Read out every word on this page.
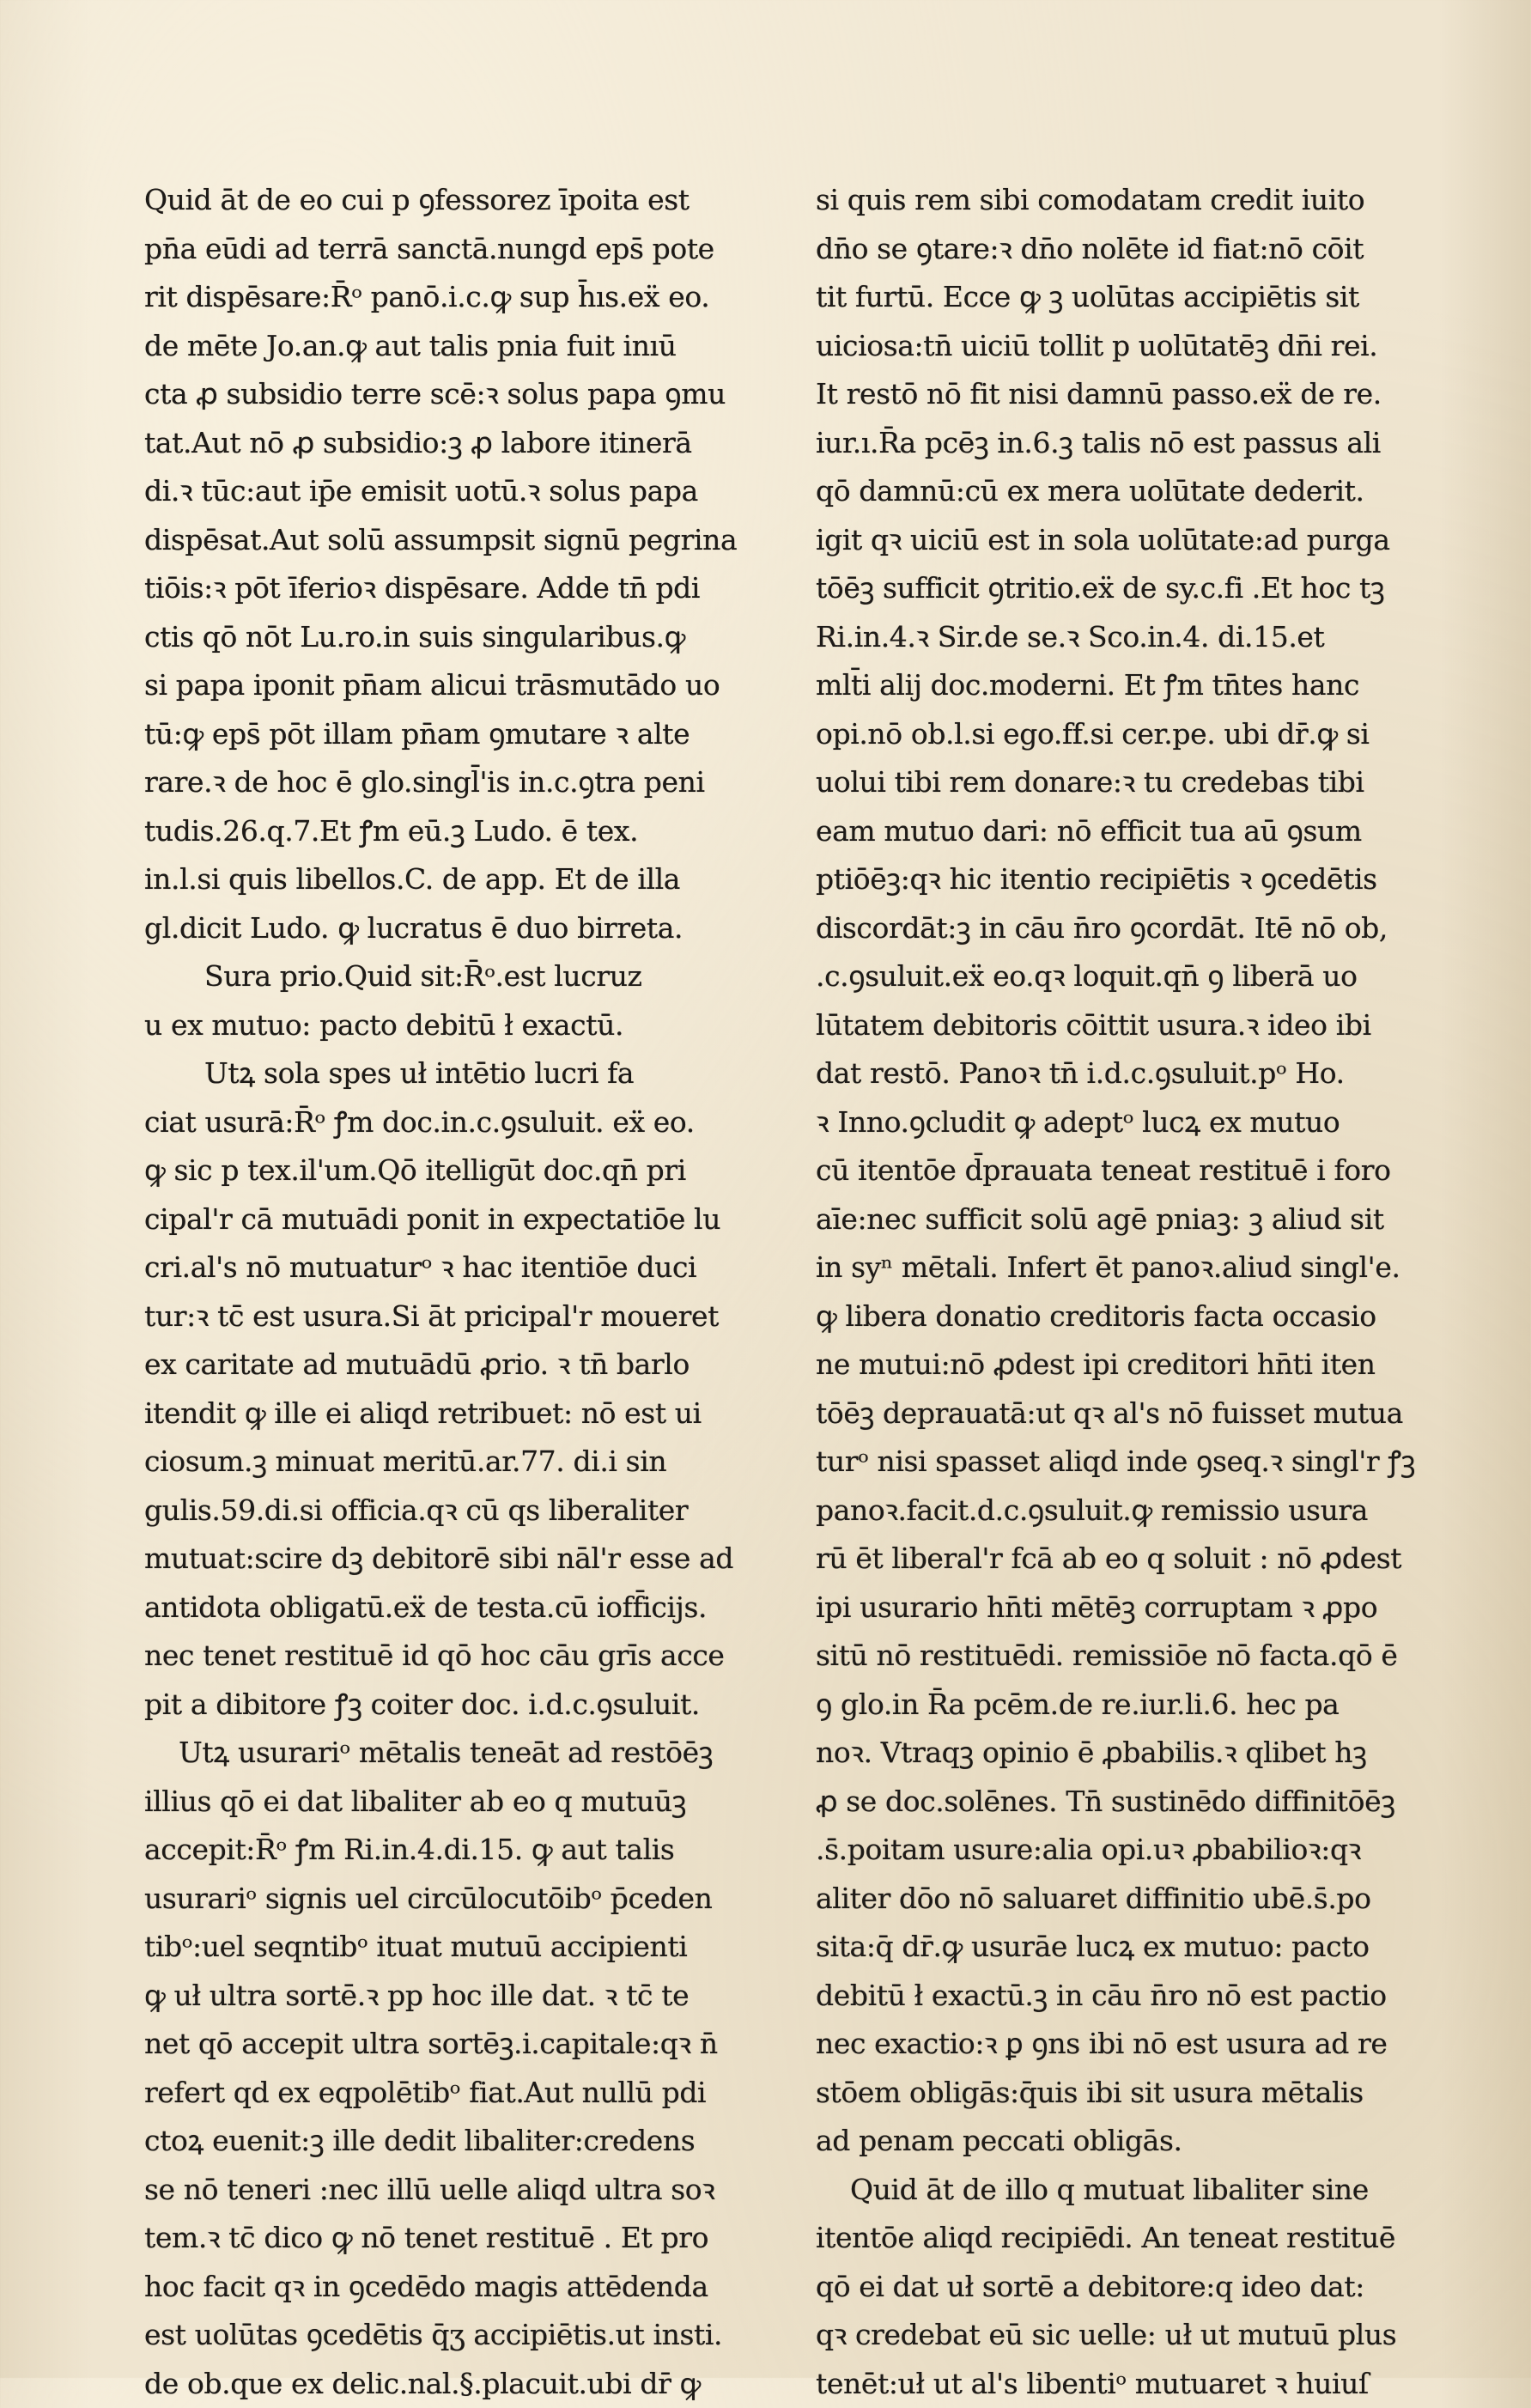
Quid āt de eo cui p ꝯfessorez īpoita est
pn̄a eūdi ad terrā sanctā.nungd eps̄ pote
rit dispēsare:R̄ᵒ panō.i.c.ꝙ sup h̄ıs.eẍ eo.
de mēte Jo.an.ꝙ aut talis pnia fuit inıū
cta ꝓ subsidio terre scē:ꝛ solus papa ꝯmu
tat.Aut nō ꝓ subsidio:ꝫ ꝓ labore itinerā
di.ꝛ tūc:aut ip̄e emisit uotū.ꝛ solus papa
dispēsat.Aut solū assumpsit signū pegrina
tiōis:ꝛ pōt īferioꝛ dispēsare. Adde tn̄ pdi
ctis qō nōt Lu.ro.in suis singularibus.ꝙ
si papa iponit pn̄am alicui trāsmutādo uo
tū:ꝙ eps̄ pōt illam pn̄am ꝯmutare ꝛ alte
rare.ꝛ de hoc ē glo.singl̄'is in.c.ꝯtra peni
tudis.26.q.7.Et ꝭm eū.ꝫ Ludo. ē tex.
in.l.si quis libellos.C. de app. Et de illa
gl.dicit Ludo. ꝙ lucratus ē duo birreta.
Sura prio.Quid sit:R̄ᵒ.est lucruz
u ex mutuo: pacto debitū ł exactū.
Utꝝ sola spes uł intētio lucri fa
ciat usurā:R̄ᵒ ꝭm doc.in.c.ꝯsuluit. eẍ eo.
ꝙ sic p tex.il'um.Qō itelligūt doc.qn̄ pri
cipal'r cā mutuādi ponit in expectatiōe lu
cri.al's nō mutuaturᵒ ꝛ hac itentiōe duci
tur:ꝛ tc̄ est usura.Si āt pricipal'r moueret
ex caritate ad mutuādū ꝓrio. ꝛ tn̄ barlo
itendit ꝙ ille ei aliqd retribuet: nō est ui
ciosum.ꝫ minuat meritū.ar.77. di.i sin
gulis.59.di.si officia.qꝛ cū qs liberaliter
mutuat:scire dꝫ debitorē sibi nāl'r esse ad
antidota obligatū.eẍ de testa.cū ioff̄icijs.
nec tenet restituē id qō hoc cāu grīs acce
pit a dibitore ꝭꝫ coiter doc. i.d.c.ꝯsuluit.
Utꝝ usurariᵒ mētalis teneāt ad restōēꝫ
illius qō ei dat libaliter ab eo q mutuūꝫ
accepit:R̄ᵒ ꝭm Ri.in.4.di.15. ꝙ aut talis
usurariᵒ signis uel circūlocutōibᵒ p̄ceden
tibᵒ:uel seqntibᵒ ituat mutuū accipienti
ꝙ uł ultra sortē.ꝛ pp hoc ille dat. ꝛ tc̄ te
net qō accepit ultra sortēꝫ.i.capitale:qꝛ n̄
refert qd ex eqpolētibᵒ fiat.Aut nullū pdi
ctoꝝ euenit:ꝫ ille dedit libaliter:credens
se nō teneri :nec illū uelle aliqd ultra soꝛ
tem.ꝛ tc̄ dico ꝙ nō tenet restituē . Et pro
hoc facit qꝛ in ꝯcedēdo magis attēdenda
est uolūtas ꝯcedētis q̄ʒ accipiētis.ut insti.
de ob.que ex delic.nal.§.placuit.ubi dr̄ ꝙ
si quis rem sibi comodatam credit iuito
dn̄o se ꝯtare:ꝛ dn̄o nolēte id fiat:nō cōit
tit furtū. Ecce ꝙ ꝫ uolūtas accipiētis sit
uiciosa:tn̄ uiciū tollit p uolūtatēꝫ dn̄i rei.
It restō nō fit nisi damnū passo.eẍ de re.
iur.ı.R̄a pcēꝫ in.6.ꝫ talis nō est passus ali
qō damnū:cū ex mera uolūtate dederit.
igit qꝛ uiciū est in sola uolūtate:ad purga
tōēꝫ sufficit ꝯtritio.eẍ de sy.c.fi .Et hoc tꝫ
Ri.in.4.ꝛ Sir.de se.ꝛ Sco.in.4. di.15.et
mlt̄i alij doc.moderni. Et ꝭm tn̄tes hanc
opi.nō ob.l.si ego.ff.si cer.pe. ubi dr̄.ꝙ si
uolui tibi rem donare:ꝛ tu credebas tibi
eam mutuo dari: nō efficit tua aū ꝯsum
ptiōēꝫ:qꝛ hic itentio recipiētis ꝛ ꝯcedētis
discordāt:ꝫ in cāu n̄ro ꝯcordāt. Itē nō ob,
.c.ꝯsuluit.eẍ eo.qꝛ loquit.qn̄ ꝯ liberā uo
lūtatem debitoris cōittit usura.ꝛ ideo ibi
dat restō. Panoꝛ tn̄ i.d.c.ꝯsuluit.pᵒ Ho.
ꝛ Inno.ꝯcludit ꝙ adeptᵒ lucꝝ ex mutuo
cū itentōe d̄prauata teneat restituē i foro
aīe:nec sufficit solū agē pniaꝫ: ꝫ aliud sit
in syⁿ mētali. Infert ēt panoꝛ.aliud singl'e.
ꝙ libera donatio creditoris facta occasio
ne mutui:nō ꝓdest ipi creditori hn̄ti iten
tōēꝫ deprauatā:ut qꝛ al's nō fuisset mutua
turᵒ nisi spasset aliqd inde ꝯseq.ꝛ singl'r ꝭꝫ
panoꝛ.facit.d.c.ꝯsuluit.ꝙ remissio usura
rū ēt liberal'r fcā ab eo q soluit : nō ꝓdest
ipi usurario hn̄ti mētēꝫ corruptam ꝛ ꝓpo
sitū nō restituēdi. remissiōe nō facta.qō ē
ꝯ glo.in R̄a pcēm.de re.iur.li.6. hec pa
noꝛ. Vtraqꝫ opinio ē ꝓbabilis.ꝛ qlibet hꝫ
ꝓ se doc.solēnes. Tn̄ sustinēdo diffinitōēꝫ
.s̄.poitam usure:alia opi.uꝛ ꝓbabilioꝛ:qꝛ
aliter dōo nō saluaret diffinitio ubē.s̄.po
sita:q̄ dr̄.ꝙ usurāe lucꝝ ex mutuo: pacto
debitū ł exactū.ꝫ in cāu n̄ro nō est pactio
nec exactio:ꝛ ꝑ ꝯns ibi nō est usura ad re
stōem obligās:q̄uis ibi sit usura mētalis
ad penam peccati obligās.
Quid āt de illo q mutuat libaliter sine
itentōe aliqd recipiēdi. An teneat restituē
qō ei dat uł sortē a debitore:q ideo dat:
qꝛ credebat eū sic uelle: uł ut mutuū plus
tenēt:uł ut al's libentiᵒ mutuaret ꝛ huiuſ
